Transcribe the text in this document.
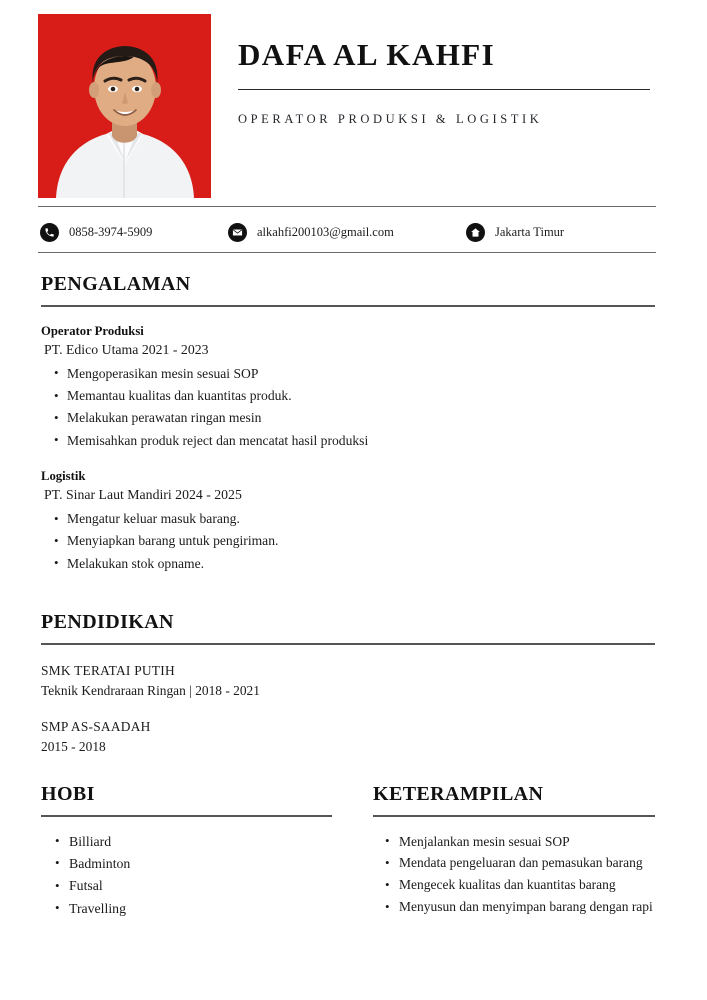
DAFA AL KAHFI
OPERATOR PRODUKSI & LOGISTIK
0858-3974-5909	alkahfi200103@gmail.com	Jakarta Timur
PENGALAMAN
Operator Produksi
PT. Edico Utama 2021 - 2023
• Mengoperasikan mesin sesuai SOP
• Memantau kualitas dan kuantitas produk.
• Melakukan perawatan ringan mesin
• Memisahkan produk reject dan mencatat hasil produksi
Logistik
PT. Sinar Laut Mandiri 2024 - 2025
• Mengatur keluar masuk barang.
• Menyiapkan barang untuk pengiriman.
• Melakukan stok opname.
PENDIDIKAN
SMK TERATAI PUTIH
Teknik Kendraraan Ringan | 2018 - 2021
SMP AS-SAADAH
2015 - 2018
HOBI
• Billiard
• Badminton
• Futsal
• Travelling
KETERAMPILAN
• Menjalankan mesin sesuai SOP
• Mendata pengeluaran dan pemasukan barang
• Mengecek kualitas dan kuantitas barang
• Menyusun dan menyimpan barang dengan rapi
